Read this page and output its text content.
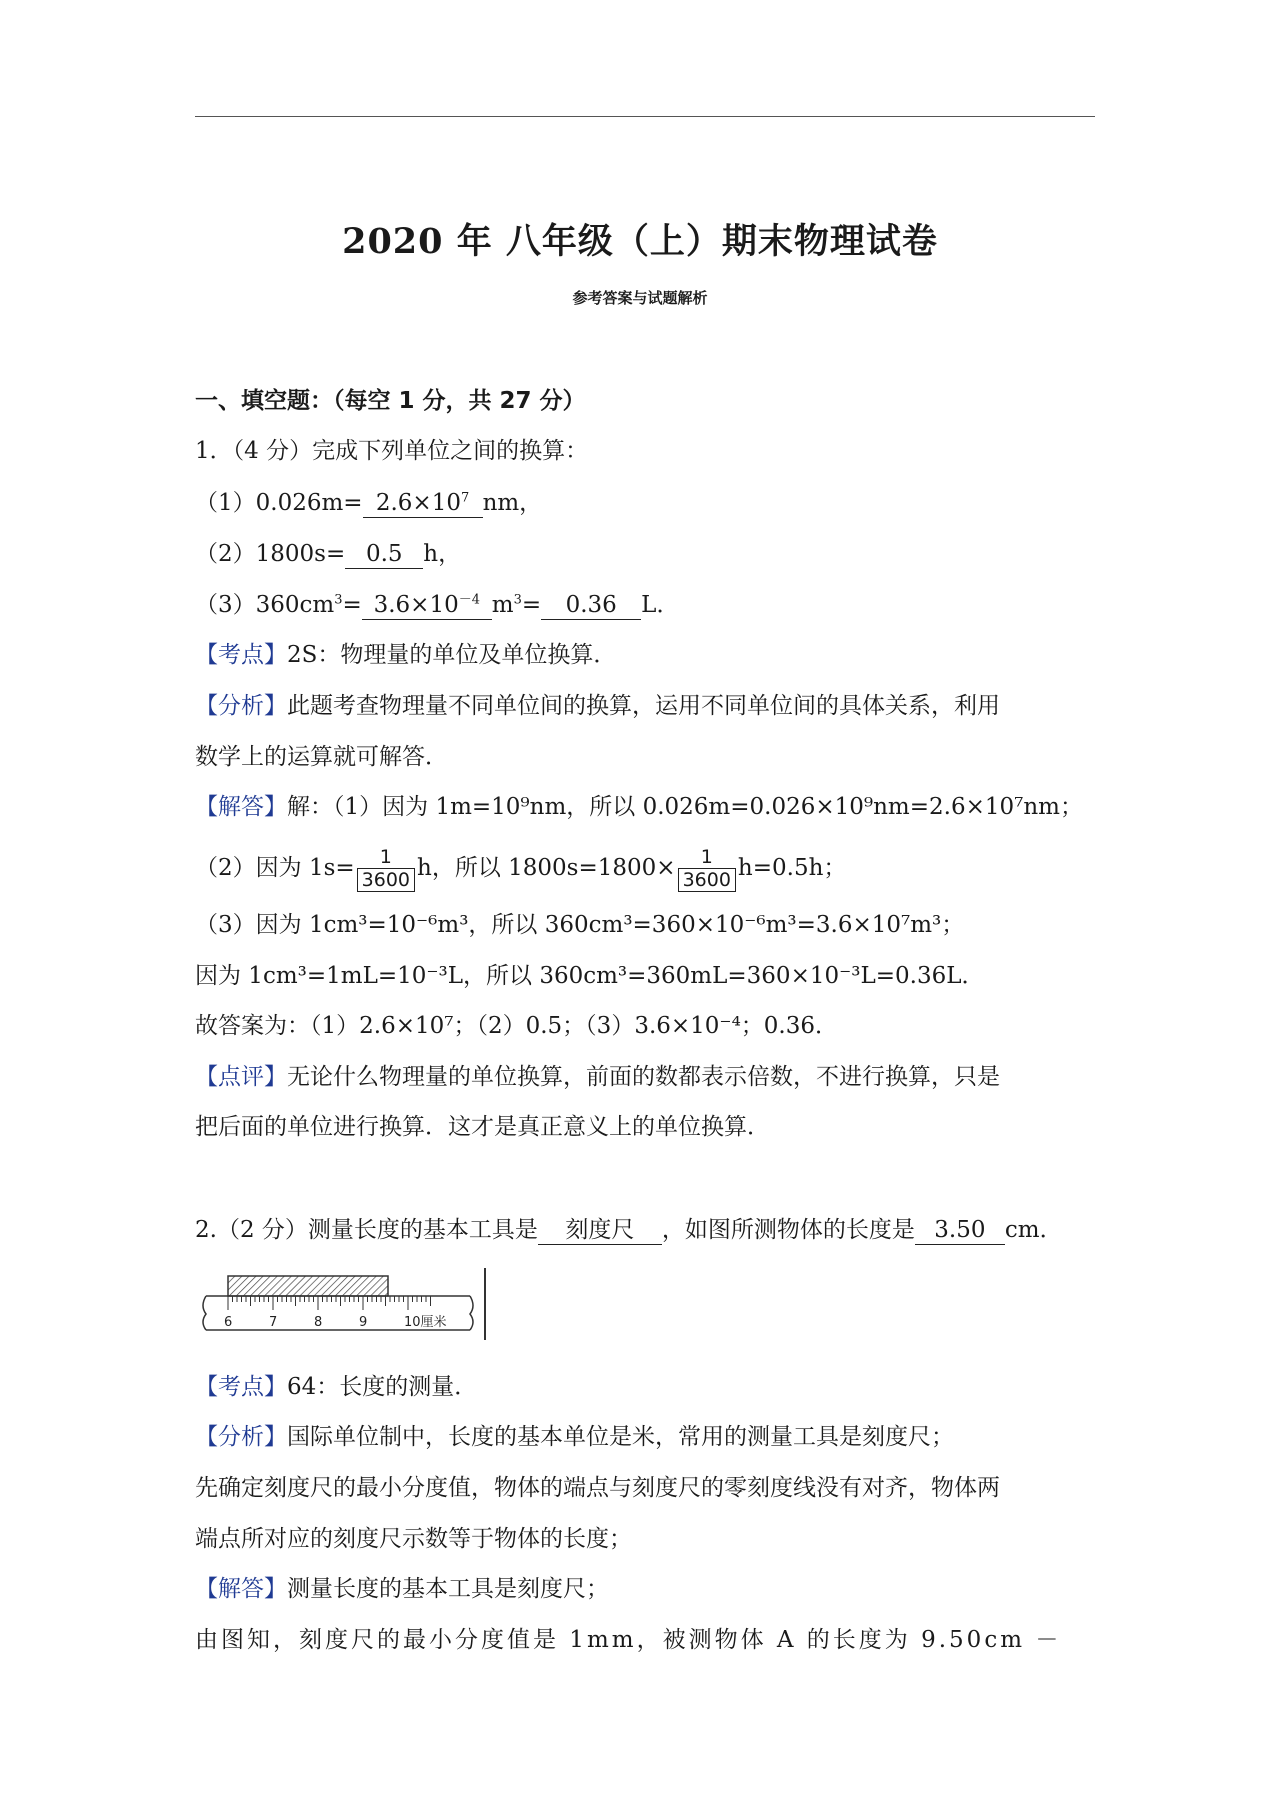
2020 年 八年级（上）期末物理试卷
参考答案与试题解析
一、填空题：（每空 1 分，共 27 分）
1．（4 分）完成下列单位之间的换算：
$(1)0.026m= 2.6\times 10^7$ nm，
（2）1800s= 0.5 h，
$(3)360cm^3= 3.6\times 10^{-4}$ $m^3= 0.36$ L．
【考点】2S：物理量的单位及单位换算．
【分析】此题考查物理量不同单位间的换算，运用不同单位间的具体关系，利用
数学上的运算就可解答．
【解答】解：（1）因为 1m=10⁹nm，所以 0.026m=0.026×10⁹nm=2.6×10⁷nm；
（2）因为 $1s= \frac{1}{3600}$ h，所以 $1800s=1800\times \frac{1}{3600} h=0.5h$；
（3）因为 1cm³=10⁻⁶m³，所以 360cm³=360×10⁻⁶m³=3.6×10⁷m³；
因为 1cm³=1mL=10⁻³L，所以 360cm³=360mL=360×10⁻³L=0.36L．
故答案为：（1）2.6×10⁷；（2）0.5；（3）3.6×10⁻⁴；0.36．
【点评】无论什么物理量的单位换算，前面的数都表示倍数，不进行换算，只是
把后面的单位进行换算．这才是真正意义上的单位换算．
2.（2 分）测量长度的基本工具是 刻度尺 ，如图所测物体的长度是 3.50 cm．
6	7	8	9	10厘米
【考点】64：长度的测量．
【分析】国际单位制中，长度的基本单位是米，常用的测量工具是刻度尺；
先确定刻度尺的最小分度值，物体的端点与刻度尺的零刻度线没有对齐，物体两
端点所对应的刻度尺示数等于物体的长度；
【解答】测量长度的基本工具是刻度尺；
由图知，刻度尺的最小分度值是 1mm，被测物体 A 的长度为 9.50cm －
